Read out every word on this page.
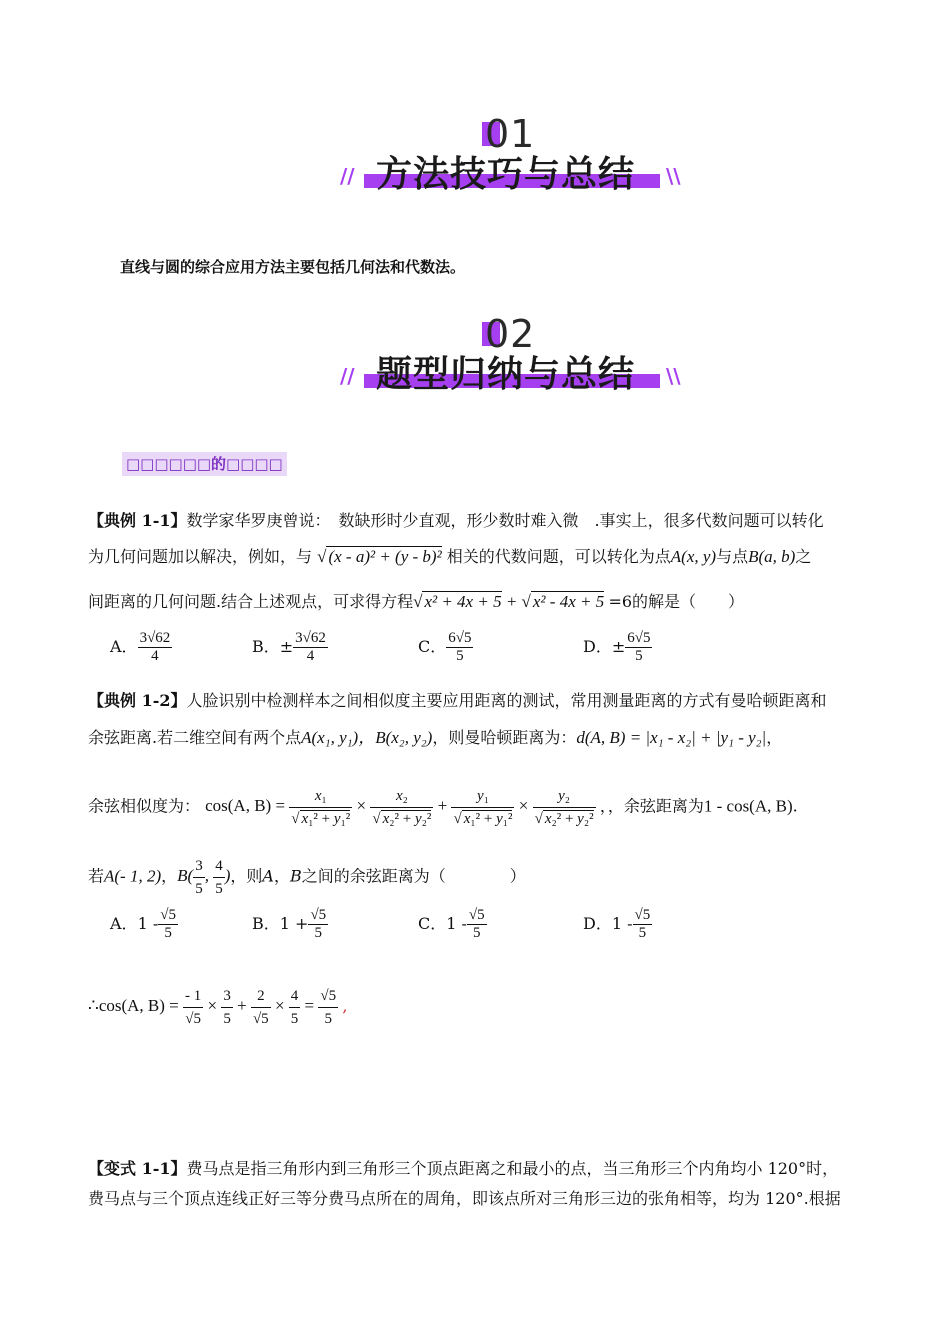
01
// 方法技巧与总结 \\
直线与圆的综合应用方法主要包括几何法和代数法。
02
// 题型归纳与总结 \\
□□□□□□的□□□□
【典例 1-1】数学家华罗庚曾说：　数缺形时少直观，形少数时难入微　.事实上，很多代数问题可以转化
为几何问题加以解决，例如，与 √ (x - a)² + (y - b)² 相关的代数问题，可以转化为点A(x, y)与点B(a, b)之
间距离的几何问题.结合上述观点，可求得方程√ x² + 4x + 5 + √ x² - 4x + 5 =6的解是（　　）
A． $\frac{3√62}{4}$	B．± $\frac{3√62}{4}$	C． $\frac{6√5}{5}$	D．± $\frac{6√5}{5}$
【典例 1-2】人脸识别中检测样本之间相似度主要应用距离的测试，常用测量距离的方式有曼哈顿距离和
余弦距离.若二维空间有两个点A(x₁, y₁)，B(x₂, y₂)，则曼哈顿距离为：d(A, B) = |x₁ - x₂| + |y₁ - y₂|，
余弦相似度为： cos(A, $B) = \frac{\text{x₁}}{\text{√ x₁² + y₁²}} \times \frac{\text{x₂}}{\text{√ x₂² + y₂²}} + \frac{\text{y₁}}{\text{√ x₁² + y₁²}} \times \frac{\text{y₂}}{\text{√ x₂² + y₂²}}$ ，，余弦距离为1 - cos(A, B).
若A(- 1, 2)，$B( \frac{3}{5}$ , $\frac{4}{5}$ )，则A，B之间的余弦距离为（　　　　）
A．$1 - \frac{√5}{5}$	B．$1 + \frac{√5}{5}$	C．$1 - \frac{√5}{5}$	D．$1 - \frac{√5}{5}$
∴cos(A, $B) = \frac{- 1}{√5} \times \frac{3}{5} + \frac{2}{√5} \times \frac{4}{5} = \frac{√5}{5}$ ,
【变式 1-1】费马点是指三角形内到三角形三个顶点距离之和最小的点，当三角形三个内角均小 120°时，
费马点与三个顶点连线正好三等分费马点所在的周角，即该点所对三角形三边的张角相等，均为 120°.根据
